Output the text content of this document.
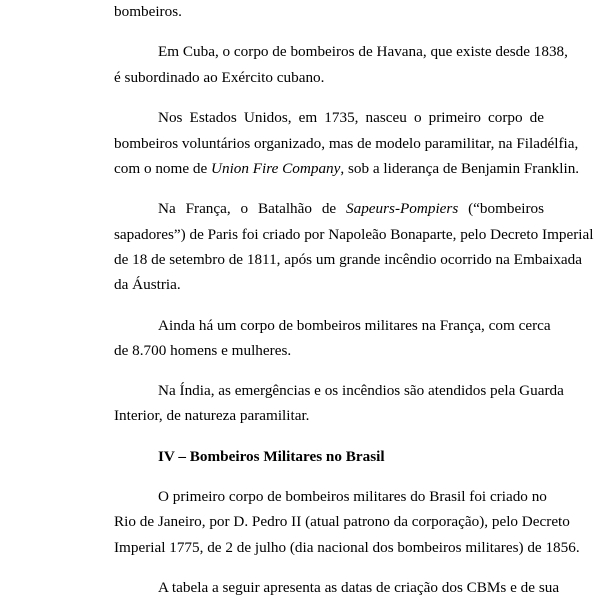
bombeiros.

Em Cuba, o corpo de bombeiros de Havana, que existe desde 1838,

é subordinado ao Exército cubano.

Nos Estados Unidos, em 1735, nasceu o primeiro corpo de

bombeiros voluntários organizado, mas de modelo paramilitar, na Filadélfia,

com o nome de Union Fire Company, sob a liderança de Benjamin Franklin.

Na França, o Batalhão de Sapeurs-Pompiers (“bombeiros

sapadores”) de Paris foi criado por Napoleão Bonaparte, pelo Decreto Imperial

de 18 de setembro de 1811, após um grande incêndio ocorrido na Embaixada

da Áustria.

Ainda há um corpo de bombeiros militares na França, com cerca

de 8.700 homens e mulheres.

Na Índia, as emergências e os incêndios são atendidos pela Guarda

Interior, de natureza paramilitar.

IV – Bombeiros Militares no Brasil

O primeiro corpo de bombeiros militares do Brasil foi criado no

Rio de Janeiro, por D. Pedro II (atual patrono da corporação), pelo Decreto

Imperial 1775, de 2 de julho (dia nacional dos bombeiros militares) de 1856.

A tabela a seguir apresenta as datas de criação dos CBMs e de sua
